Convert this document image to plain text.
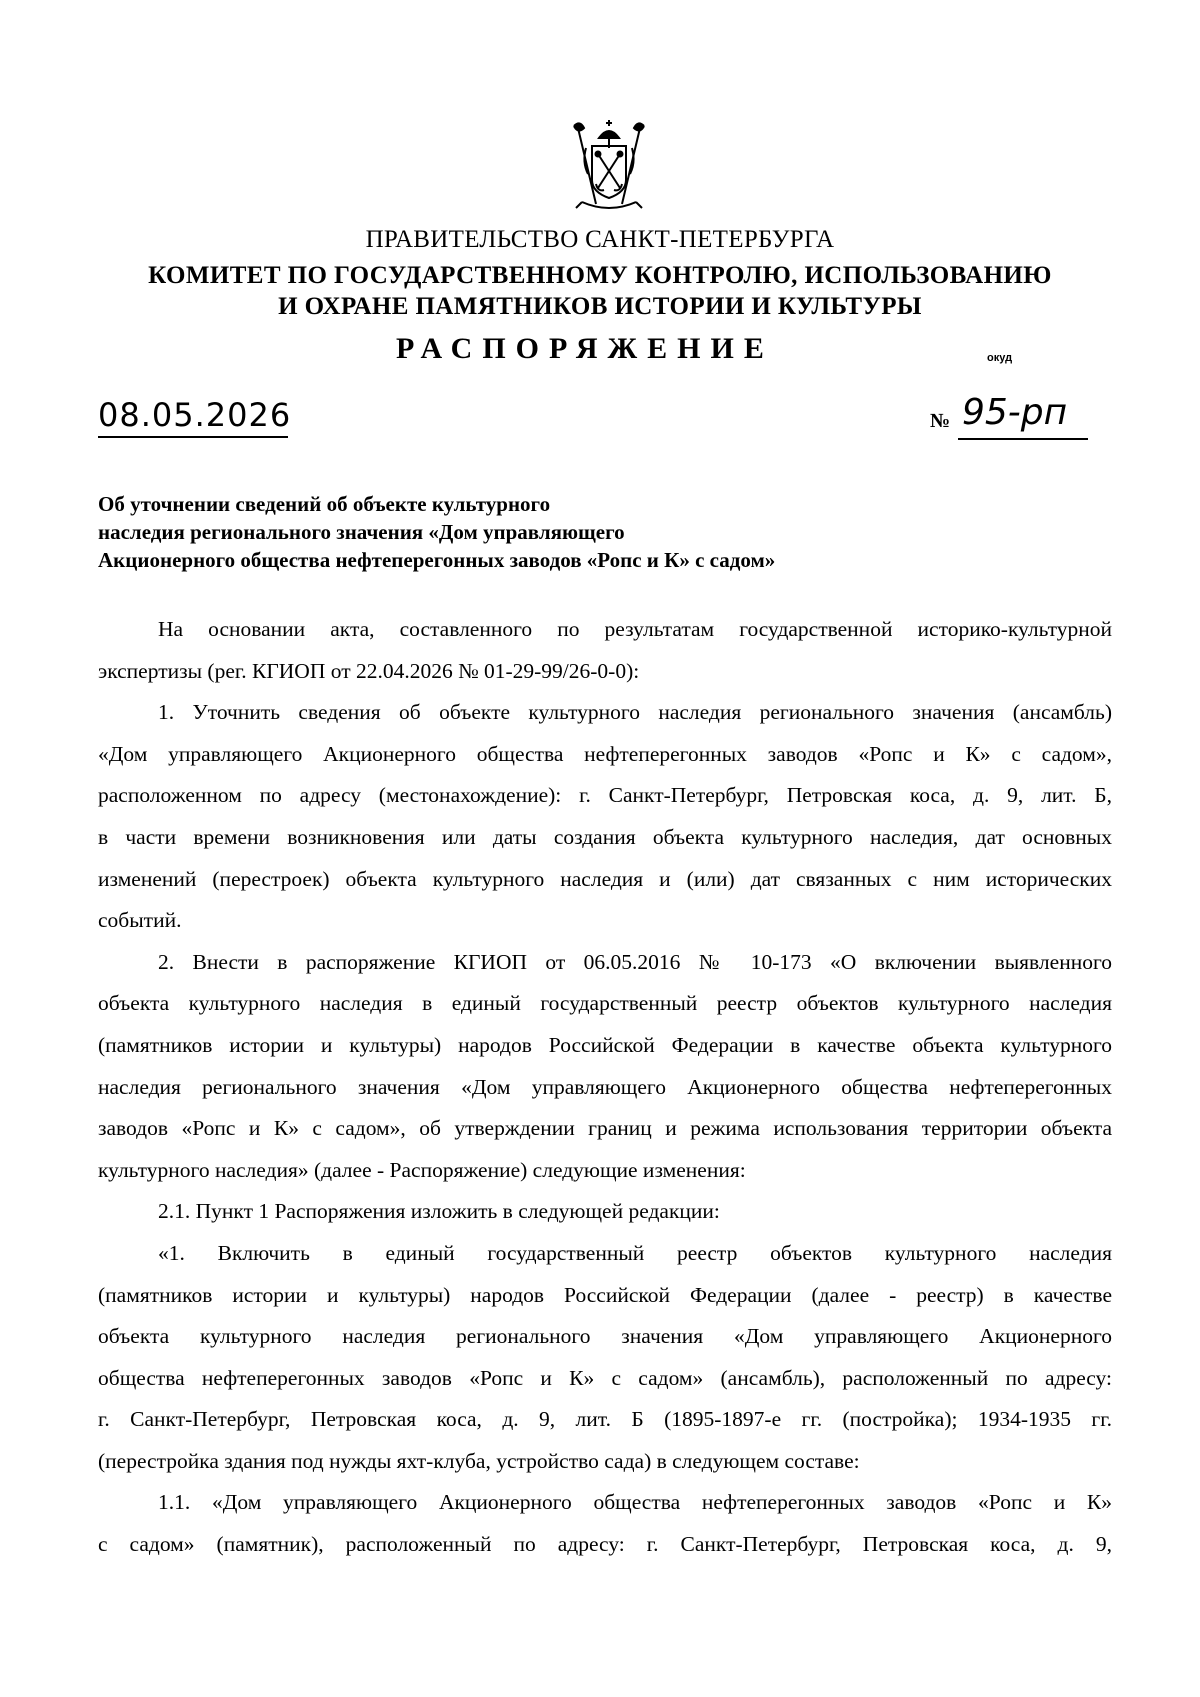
ПРАВИТЕЛЬСТВО САНКТ-ПЕТЕРБУРГА
КОМИТЕТ ПО ГОСУДАРСТВЕННОМУ КОНТРОЛЮ, ИСПОЛЬЗОВАНИЮ
И ОХРАНЕ ПАМЯТНИКОВ ИСТОРИИ И КУЛЬТУРЫ
РАСПОРЯЖЕНИЕ	окуд
08.05.2026	№ 95-рп
Об уточнении сведений об объекте культурного
наследия регионального значения «Дом управляющего
Акционерного общества нефтеперегонных заводов «Ропс и К» с садом»
На основании акта, составленного по результатам государственной историко-культурной
экспертизы (рег. КГИОП от 22.04.2026 № 01-29-99/26-0-0):
1. Уточнить сведения об объекте культурного наследия регионального значения (ансамбль)
«Дом управляющего Акционерного общества нефтеперегонных заводов «Ропс и К» с садом»,
расположенном по адресу (местонахождение): г. Санкт-Петербург, Петровская коса, д. 9, лит. Б,
в части времени возникновения или даты создания объекта культурного наследия, дат основных
изменений (перестроек) объекта культурного наследия и (или) дат связанных с ним исторических
событий.
2. Внести в распоряжение КГИОП от 06.05.2016 № 10-173 «О включении выявленного
объекта культурного наследия в единый государственный реестр объектов культурного наследия
(памятников истории и культуры) народов Российской Федерации в качестве объекта культурного
наследия регионального значения «Дом управляющего Акционерного общества нефтеперегонных
заводов «Ропс и К» с садом», об утверждении границ и режима использования территории объекта
культурного наследия» (далее - Распоряжение) следующие изменения:
2.1. Пункт 1 Распоряжения изложить в следующей редакции:
«1. Включить в единый государственный реестр объектов культурного наследия
(памятников истории и культуры) народов Российской Федерации (далее - реестр) в качестве
объекта культурного наследия регионального значения «Дом управляющего Акционерного
общества нефтеперегонных заводов «Ропс и К» с садом» (ансамбль), расположенный по адресу:
г. Санкт-Петербург, Петровская коса, д. 9, лит. Б (1895-1897-е гг. (постройка); 1934-1935 гг.
(перестройка здания под нужды яхт-клуба, устройство сада) в следующем составе:
1.1. «Дом управляющего Акционерного общества нефтеперегонных заводов «Ропс и К»
с садом» (памятник), расположенный по адресу: г. Санкт-Петербург, Петровская коса, д. 9,
